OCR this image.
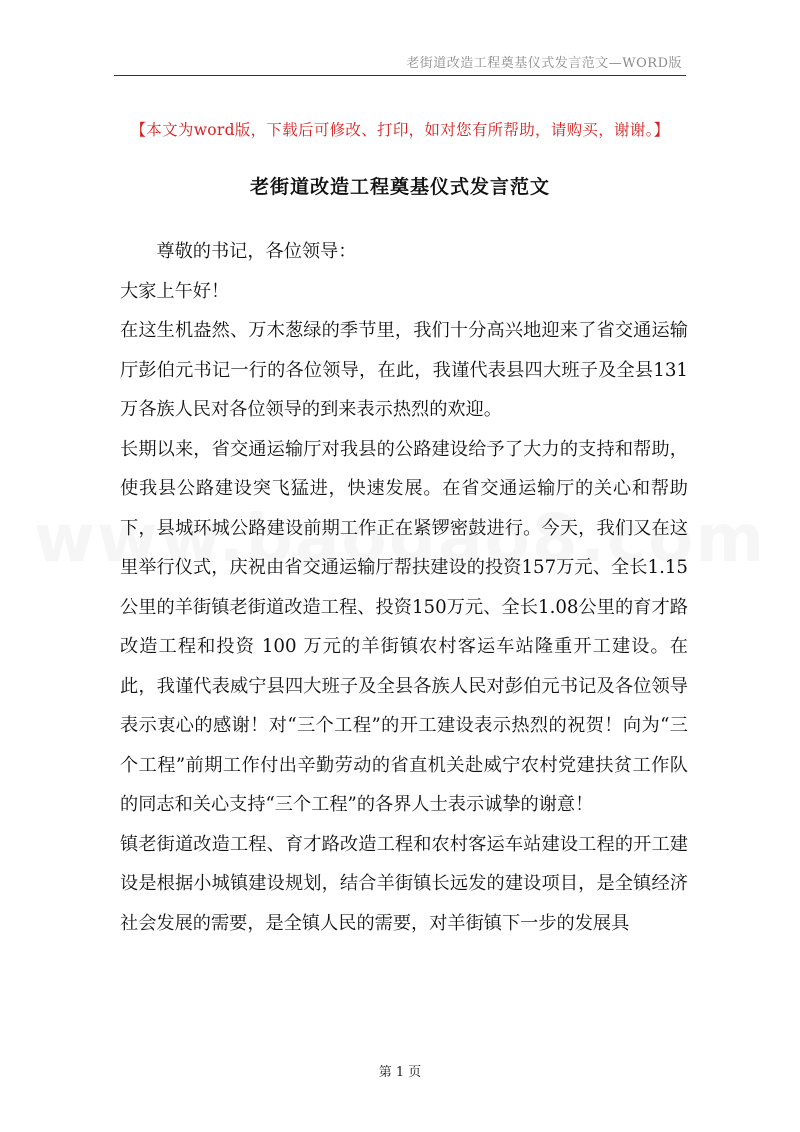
老街道改造工程奠基仪式发言范文—WORD版
【本文为word版，下载后可修改、打印，如对您有所帮助，请购买，谢谢。】
老街道改造工程奠基仪式发言范文

尊敬的书记，各位领导：

大家上午好！

在这生机盎然、万木葱绿的季节里，我们十分高兴地迎来了省交通运输厅彭伯元书记一行的各位领导，在此，我谨代表县四大班子及全县131万各族人民对各位领导的到来表示热烈的欢迎。

长期以来，省交通运输厅对我县的公路建设给予了大力的支持和帮助，使我县公路建设突飞猛进，快速发展。在省交通运输厅的关心和帮助下，县城环城公路建设前期工作正在紧锣密鼓进行。今天，我们又在这里举行仪式，庆祝由省交通运输厅帮扶建设的投资157万元、全长1.15公里的羊街镇老街道改造工程、投资150万元、全长1.08公里的育才路改造工程和投资 100 万元的羊街镇农村客运车站隆重开工建设。在此，我谨代表威宁县四大班子及全县各族人民对彭伯元书记及各位领导表示衷心的感谢！对“三个工程”的开工建设表示热烈的祝贺！向为“三个工程”前期工作付出辛勤劳动的省直机关赴威宁农村党建扶贫工作队的同志和关心支持“三个工程”的各界人士表示诚挚的谢意！

镇老街道改造工程、育才路改造工程和农村客运车站建设工程的开工建设是根据小城镇建设规划，结合羊街镇长远发的建设项目，是全镇经济社会发展的需要，是全镇人民的需要，对羊街镇下一步的发展具

第 1 页
